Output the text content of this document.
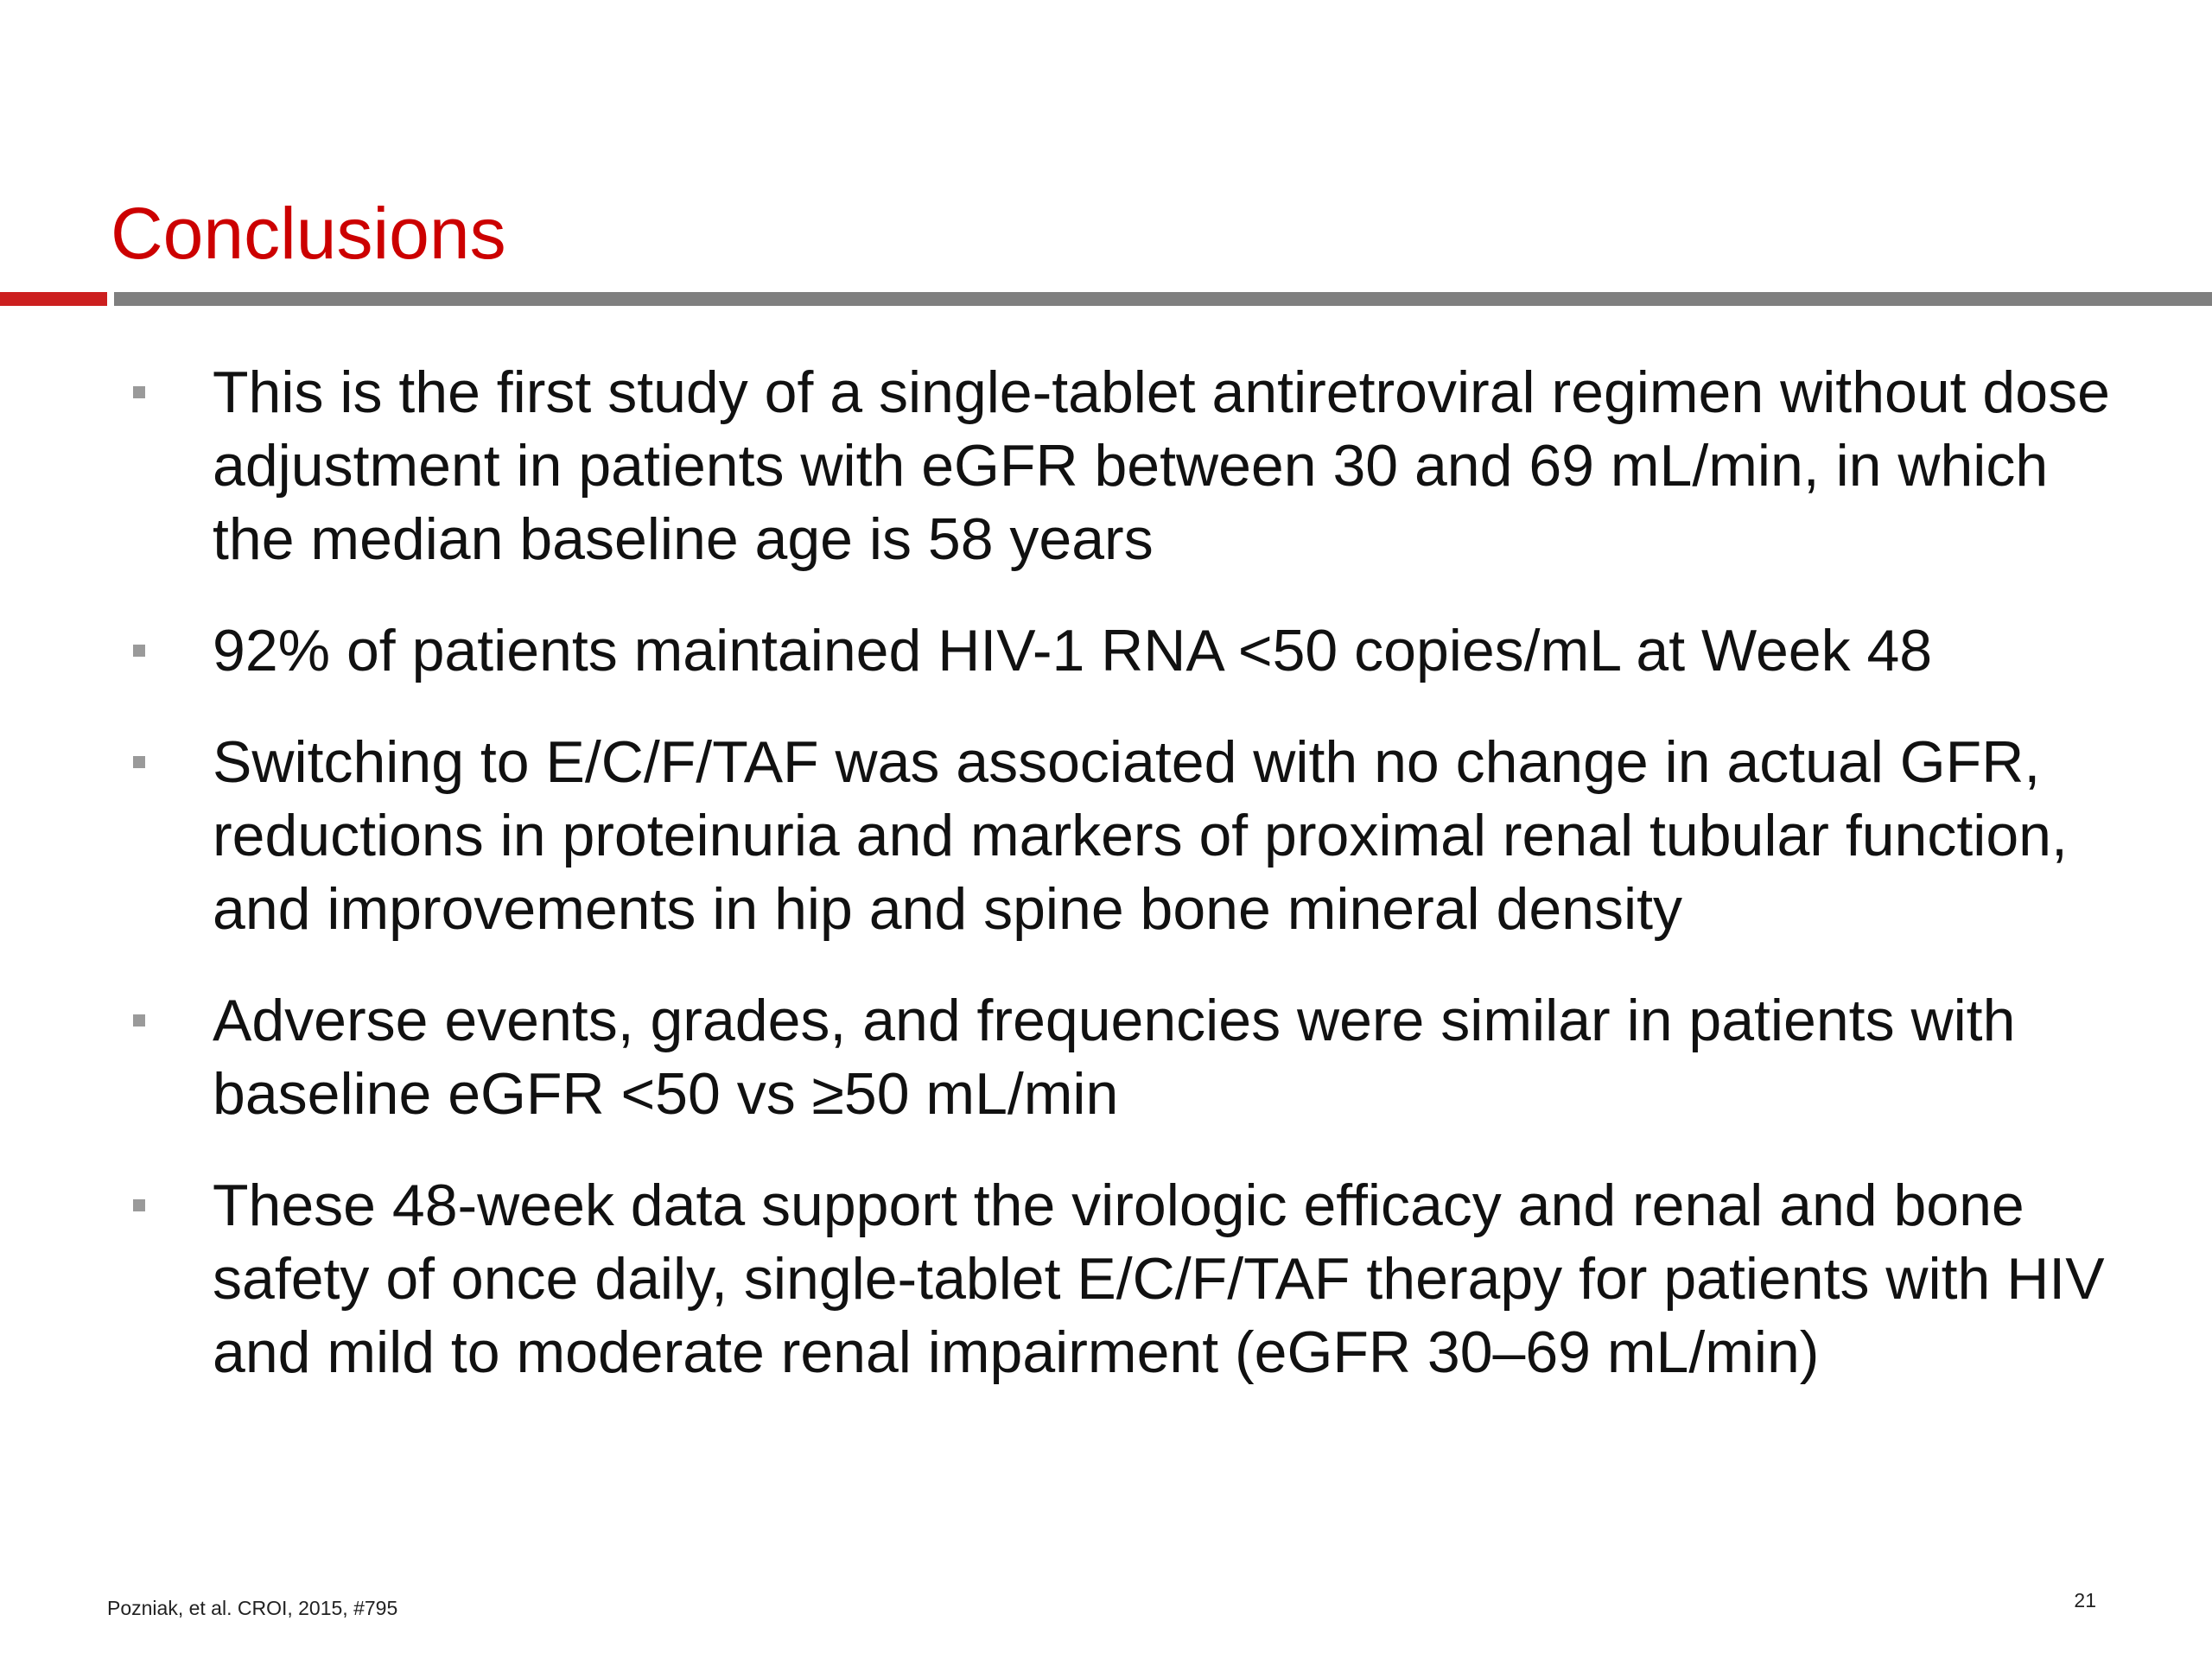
Conclusions
This is the first study of a single-tablet antiretroviral regimen without dose adjustment in patients with eGFR between 30 and 69 mL/min, in which the median baseline age is 58 years
92% of patients maintained HIV-1 RNA <50 copies/mL at Week 48
Switching to E/C/F/TAF was associated with no change in actual GFR, reductions in proteinuria and markers of proximal renal tubular function, and improvements in hip and spine bone mineral density
Adverse events, grades, and frequencies were similar in patients with baseline eGFR <50 vs ≥50 mL/min
These 48-week data support the virologic efficacy and renal and bone safety of once daily, single-tablet E/C/F/TAF therapy for patients with HIV and mild to moderate renal impairment (eGFR 30–69 mL/min)
Pozniak, et al. CROI, 2015, #795	21
